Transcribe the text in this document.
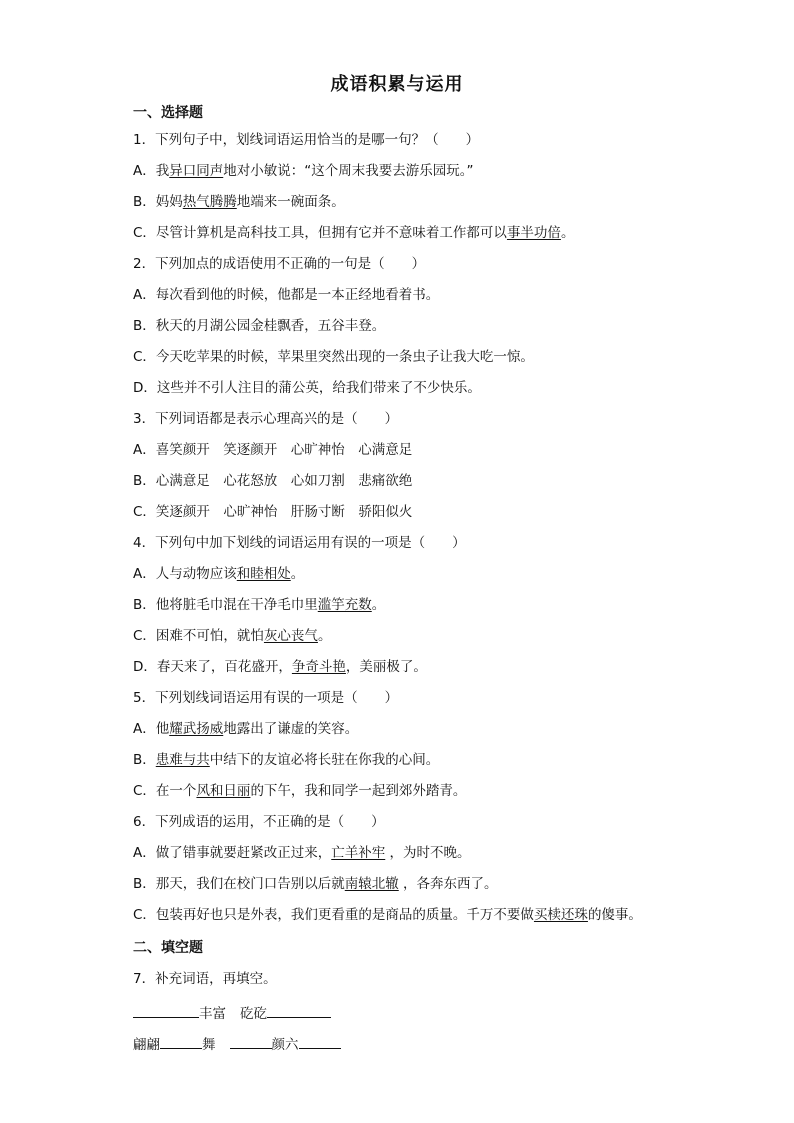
成语积累与运用
一、选择题
1．下列句子中，划线词语运用恰当的是哪一句？（　　）
A．我异口同声地对小敏说：“这个周末我要去游乐园玩。”
B．妈妈热气腾腾地端来一碗面条。
C．尽管计算机是高科技工具，但拥有它并不意味着工作都可以事半功倍。
2．下列加点的成语使用不正确的一句是（　　）
A．每次看到他的时候，他都是一本正经地看着书。
B．秋天的月湖公园金桂飘香，五谷丰登。
C．今天吃苹果的时候，苹果里突然出现的一条虫子让我大吃一惊。
D．这些并不引人注目的蒲公英，给我们带来了不少快乐。
3．下列词语都是表示心理高兴的是（　　）
A．喜笑颜开　笑逐颜开　心旷神怡　心满意足
B．心满意足　心花怒放　心如刀割　悲痛欲绝
C．笑逐颜开　心旷神怡　肝肠寸断　骄阳似火
4．下列句中加下划线的词语运用有误的一项是（　　）
A．人与动物应该和睦相处。
B．他将脏毛巾混在干净毛巾里滥竽充数。
C．困难不可怕，就怕灰心丧气。
D．春天来了，百花盛开，争奇斗艳，美丽极了。
5．下列划线词语运用有误的一项是（　　）
A．他耀武扬威地露出了谦虚的笑容。
B．患难与共中结下的友谊必将长驻在你我的心间。
C．在一个风和日丽的下午，我和同学一起到郊外踏青。
6．下列成语的运用，不正确的是（　　）
A．做了错事就要赶紧改正过来，亡羊补牢 ，为时不晚。
B．那天，我们在校门口告别以后就南辕北辙 ，各奔东西了。
C．包装再好也只是外表，我们更看重的是商品的质量。千万不要做买椟还珠的傻事。
二、填空题
7．补充词语，再填空。
丰富 矻矻
翩翩	舞	颜六
